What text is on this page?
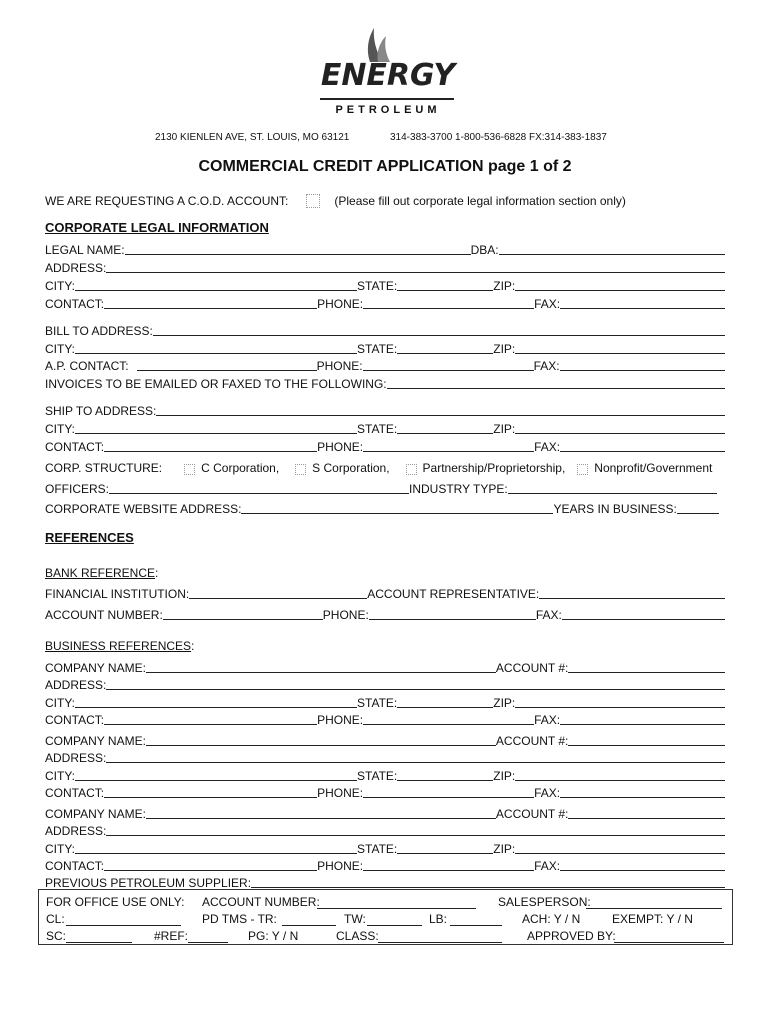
ENERGY
PETROLEUM
2130 KIENLEN AVE, ST. LOUIS, MO 63121	314-383-3700 1-800-536-6828 FX:314-383-1837
COMMERCIAL CREDIT APPLICATION page 1 of 2
WE ARE REQUESTING A C.O.D. ACCOUNT:	(Please fill out corporate legal information section only)
CORPORATE LEGAL INFORMATION
LEGAL NAME:	DBA:
ADDRESS:
CITY:	STATE:	ZIP:
CONTACT:	PHONE:	FAX:
BILL TO ADDRESS:
CITY:	STATE:	ZIP:
A.P. CONTACT:	PHONE:	FAX:
INVOICES TO BE EMAILED OR FAXED TO THE FOLLOWING:
SHIP TO ADDRESS:
CITY:	STATE:	ZIP:
CONTACT:	PHONE:	FAX:
CORP. STRUCTURE:	C Corporation,	S Corporation,	Partnership/Proprietorship, Nonprofit/Government
OFFICERS:	INDUSTRY TYPE:
CORPORATE WEBSITE ADDRESS:	YEARS IN BUSINESS:
REFERENCES
BANK REFERENCE :
FINANCIAL INSTITUTION:	ACCOUNT REPRESENTATIVE:
ACCOUNT NUMBER:	PHONE:	FAX:
BUSINESS REFERENCES :
COMPANY NAME:	ACCOUNT #:
ADDRESS:
CITY:	STATE:	ZIP:
CONTACT:	PHONE:	FAX:
COMPANY NAME:	ACCOUNT #:
ADDRESS:
CITY:	STATE:	ZIP:
CONTACT:	PHONE:	FAX:
COMPANY NAME:	ACCOUNT #:
ADDRESS:
CITY:	STATE:	ZIP:
CONTACT:	PHONE:	FAX:
PREVIOUS PETROLEUM SUPPLIER:
FOR OFFICE USE ONLY: ACCOUNT NUMBER:	SALESPERSON:
CL:	PD TMS - TR:	TW:	LB:	ACH: Y / N	EXEMPT: Y / N
SC:	#REF:	PG: Y / N	CLASS:	APPROVED BY:
